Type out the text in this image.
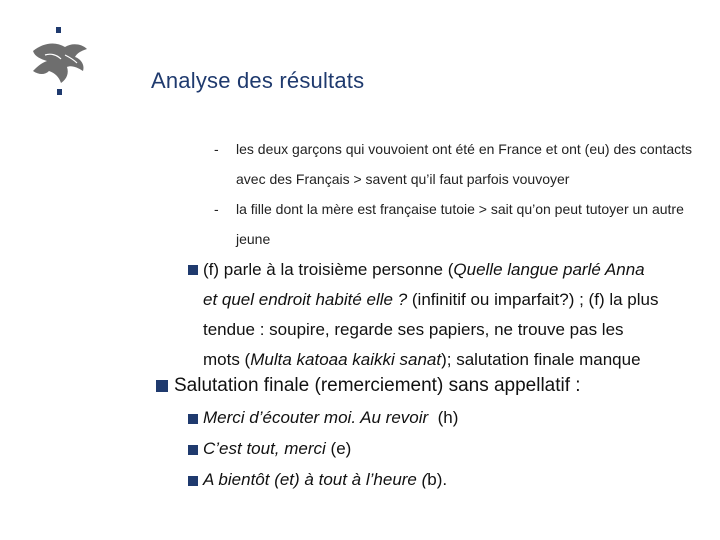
Analyse des résultats
- les deux garçons qui vouvoient ont été en France et ont (eu) des contacts
avec des Français > savent qu’il faut parfois vouvoyer
- la fille dont la mère est française tutoie > sait qu’on peut tutoyer un autre
jeune
(f) parle à la troisième personne (Quelle langue parlé Anna
et quel endroit habité elle ? (infinitif ou imparfait?) ; (f) la plus
tendue : soupire, regarde ses papiers, ne trouve pas les
mots (Multa katoaa kaikki sanat); salutation finale manque
Salutation finale (remerciement) sans appellatif :
Merci d’écouter moi. Au revoir  (h)
C’est tout, merci (e)
A bientôt (et) à tout à l’heure (b).
